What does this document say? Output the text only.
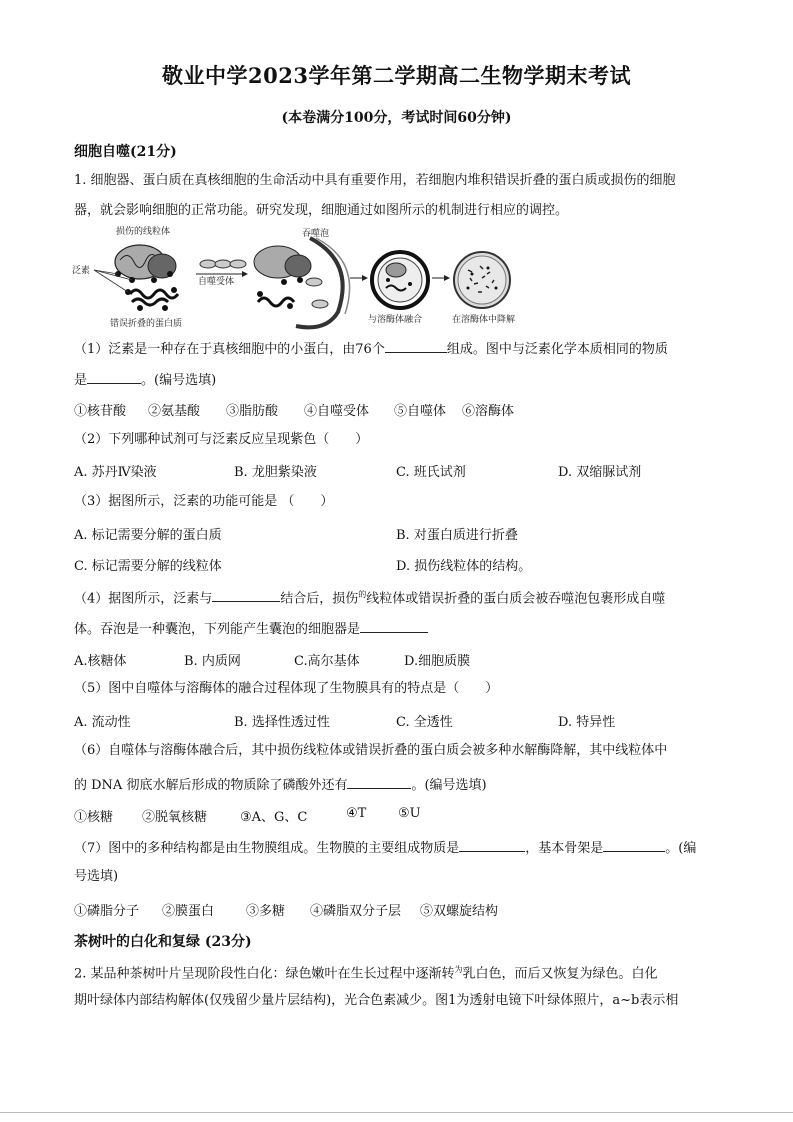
敬业中学2023学年第二学期高二生物学期末考试
(本卷满分100分，考试时间60分钟)
细胞自噬(21分)
1. 细胞器、蛋白质在真核细胞的生命活动中具有重要作用，若细胞内堆积错误折叠的蛋白质或损伤的细胞
器，就会影响细胞的正常功能。研究发现，细胞通过如图所示的机制进行相应的调控。
泛素
损伤的线粒体
错误折叠的蛋白质
自噬受体
吞噬泡
与溶酶体融合	在溶酶体中降解
（1）泛素是一种存在于真核细胞中的小蛋白，由76个	组成。图中与泛素化学本质相同的物质
是	。(编号选填)
①核苷酸 ②氨基酸 ③脂肪酸 ④自噬受体 ⑤自噬体 ⑥溶酶体
（2）下列哪种试剂可与泛素反应呈现紫色（　　）
A. 苏丹Ⅳ染液	B. 龙胆紫染液	C. 班氏试剂	D. 双缩脲试剂
（3）据图所示，泛素的功能可能是 （　　）
A. 标记需要分解的蛋白质	B. 对蛋白质进行折叠
C. 标记需要分解的线粒体	D. 损伤线粒体的结构。
（4）据图所示，泛素与	结合后，损伤$^的$线粒体或错误折叠的蛋白质会被吞噬泡包裹形成自噬
体。吞泡是一种囊泡，下列能产生囊泡的细胞器是
A.核糖体	B. 内质网	C.高尔基体	D.细胞质膜
（5）图中自噬体与溶酶体的融合过程体现了生物膜具有的特点是（　　）
A. 流动性	B. 选择性透过性	C. 全透性	D. 特异性
（6）自噬体与溶酶体融合后，其中损伤线粒体或错误折叠的蛋白质会被多种水解酶降解，其中线粒体中
的 DNA 彻底水解后形成的物质除了磷酸外还有	。(编号选填)
①核糖 ②脱氧核糖	③A、G、C	④T ⑤U
（7）图中的多种结构都是由生物膜组成。生物膜的主要组成物质是	，基本骨架是	。(编
号选填)
①磷脂分子 ②膜蛋白 ③多糖 ④磷脂双分子层 ⑤双螺旋结构
茶树叶的白化和复绿 (23分)
2. 某品种茶树叶片呈现阶段性白化：绿色嫩叶在生长过程中逐渐转$^为$乳白色，而后又恢复为绿色。白化
期叶绿体内部结构解体(仅残留少量片层结构)，光合色素减少。图1为透射电镜下叶绿体照片，a~b表示相
